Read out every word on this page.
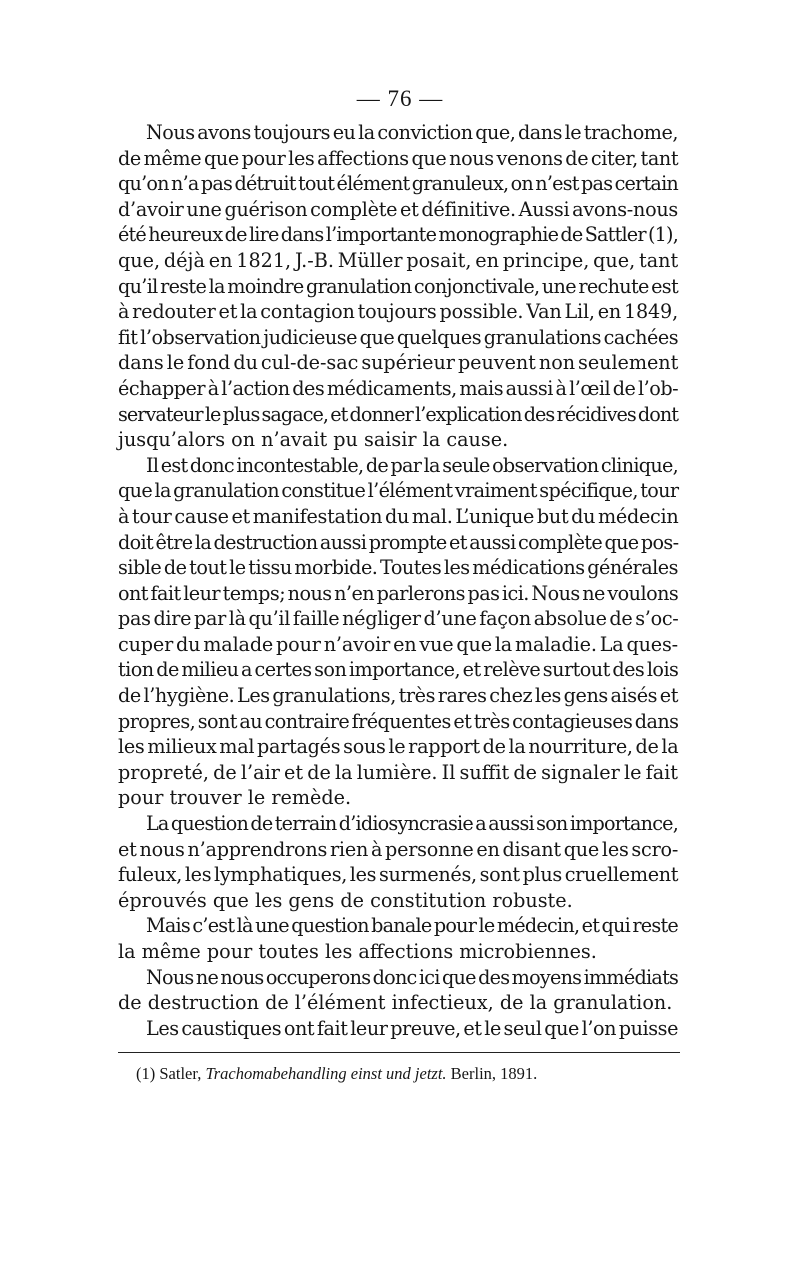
— 76 —
Nous avons toujours eu la conviction que, dans le trachome,
de même que pour les affections que nous venons de citer, tant
qu’on n’a pas détruit tout élément granuleux, on n’est pas certain
d’avoir une guérison complète et définitive. Aussi avons-nous
été heureux de lire dans l’importante monographie de Sattler (1),
que, déjà en 1821, J.-B. Müller posait, en principe, que, tant
qu’il reste la moindre granulation conjonctivale, une rechute est
à redouter et la contagion toujours possible. Van Lil, en 1849,
fit l’observation judicieuse que quelques granulations cachées
dans le fond du cul-de-sac supérieur peuvent non seulement
échapper à l’action des médicaments, mais aussi à l’œil de l’ob-
servateur le plus sagace, et donner l’explication des récidives dont
jusqu’alors on n’avait pu saisir la cause.
Il est donc incontestable, de par la seule observation clinique,
que la granulation constitue l’élément vraiment spécifique, tour
à tour cause et manifestation du mal. L’unique but du médecin
doit être la destruction aussi prompte et aussi complète que pos-
sible de tout le tissu morbide. Toutes les médications générales
ont fait leur temps; nous n’en parlerons pas ici. Nous ne voulons
pas dire par là qu’il faille négliger d’une façon absolue de s’oc-
cuper du malade pour n’avoir en vue que la maladie. La ques-
tion de milieu a certes son importance, et relève surtout des lois
de l’hygiène. Les granulations, très rares chez les gens aisés et
propres, sont au contraire fréquentes et très contagieuses dans
les milieux mal partagés sous le rapport de la nourriture, de la
propreté, de l’air et de la lumière. Il suffit de signaler le fait
pour trouver le remède.
La question de terrain d’idiosyncrasie a aussi son importance,
et nous n’apprendrons rien à personne en disant que les scro-
fuleux, les lymphatiques, les surmenés, sont plus cruellement
éprouvés que les gens de constitution robuste.
Mais c’est là une question banale pour le médecin, et qui reste
la même pour toutes les affections microbiennes.
Nous ne nous occuperons donc ici que des moyens immédiats
de destruction de l’élément infectieux, de la granulation.
Les caustiques ont fait leur preuve, et le seul que l’on puisse
(1) Satler, Trachomabehandling einst und jetzt. Berlin, 1891.
